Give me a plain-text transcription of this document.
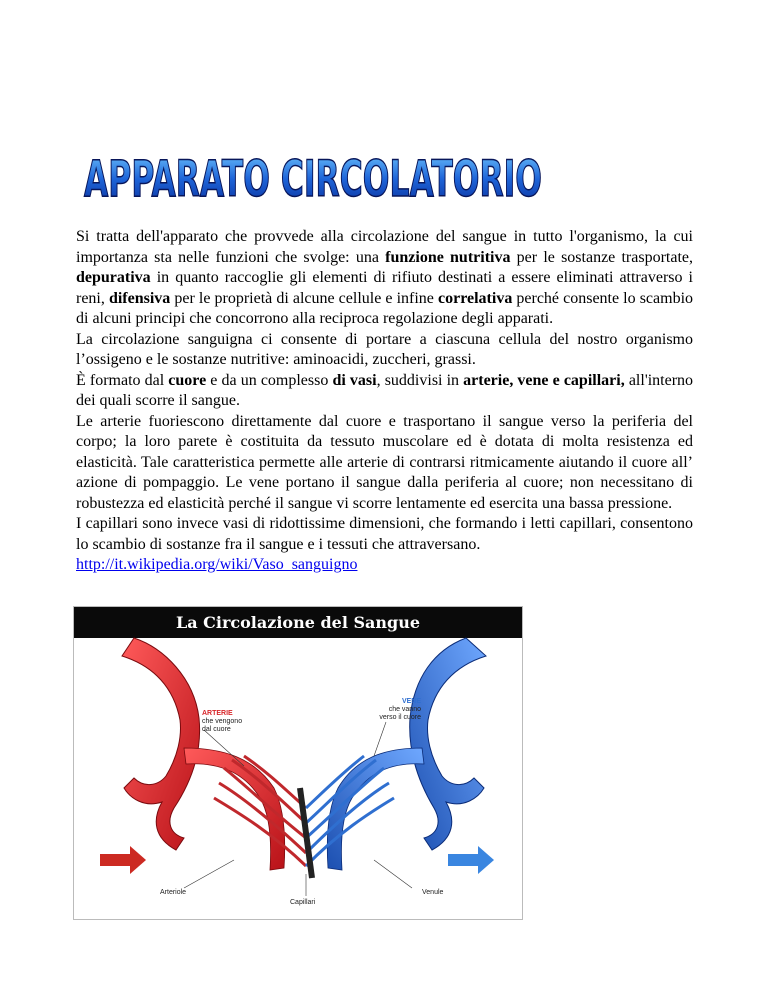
APPARATO CIRCOLATORIO

Si tratta dell'apparato che provvede alla circolazione del sangue in tutto l'organismo, la cui importanza sta nelle funzioni che svolge: una funzione nutritiva per le sostanze trasportate, depurativa in quanto raccoglie gli elementi di rifiuto destinati a essere eliminati attraverso i reni, difensiva per le proprietà di alcune cellule e infine correlativa perché consente lo scambio di alcuni principi che concorrono alla reciproca regolazione degli apparati.

La circolazione sanguigna ci consente di portare a ciascuna cellula del nostro organismo l’ossigeno e le sostanze nutritive: aminoacidi, zuccheri, grassi.

È formato dal cuore e da un complesso di vasi, suddivisi in arterie, vene e capillari, all'interno dei quali scorre il sangue.

Le arterie fuoriescono direttamente dal cuore e trasportano il sangue verso la periferia del corpo; la loro parete è costituita da tessuto muscolare ed è dotata di molta resistenza ed elasticità. Tale caratteristica permette alle arterie di contrarsi ritmicamente aiutando il cuore all’ azione di pompaggio. Le vene portano il sangue dalla periferia al cuore; non necessitano di robustezza ed elasticità perché il sangue vi scorre lentamente ed esercita una bassa pressione.

I capillari sono invece vasi di ridottissime dimensioni, che formando i letti capillari, consentono lo scambio di sostanze fra il sangue e i tessuti che attraversano.

http://it.wikipedia.org/wiki/Vaso_sanguigno

La Circolazione del Sangue
ARTERIE
che vengono dal cuore
VENE
che vanno verso il cuore
Arteriole
Capillari
Venule
